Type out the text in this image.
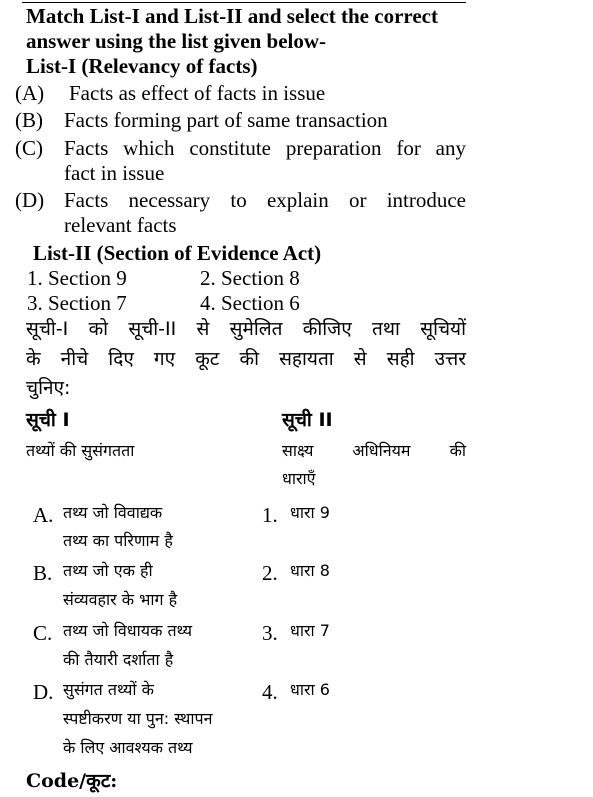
Match List-I and List-II and select the correct
answer using the list given below-
List-I (Relevancy of facts)
(A) Facts as effect of facts in issue
(B) Facts forming part of same transaction
(C) Facts which constitute preparation for any
fact in issue
(D) Facts necessary to explain or introduce
relevant facts
List-II (Section of Evidence Act)
1. Section 9	2. Section 8
3. Section 7	4. Section 6
सूची-I को सूची-II से सुमेलित कीजिए तथा सूचियों
के नीचे दिए गए कूट की सहायता से सही उत्तर
चुनिए:
सूची I	सूची II
तथ्यों की सुसंगतता	साक्ष्य अधिनियम की
धाराएँ
A. तथ्य जो विवाद्यक
तथ्य का परिणाम है
1. धारा 9
B. तथ्य जो एक ही
संव्यवहार के भाग है
2. धारा 8
C. तथ्य जो विधायक तथ्य
की तैयारी दर्शाता है
3. धारा 7
D. सुसंगत तथ्यों के
स्पष्टीकरण या पुन: स्थापन
के लिए आवश्यक तथ्य
4. धारा 6
Code/कूट:
